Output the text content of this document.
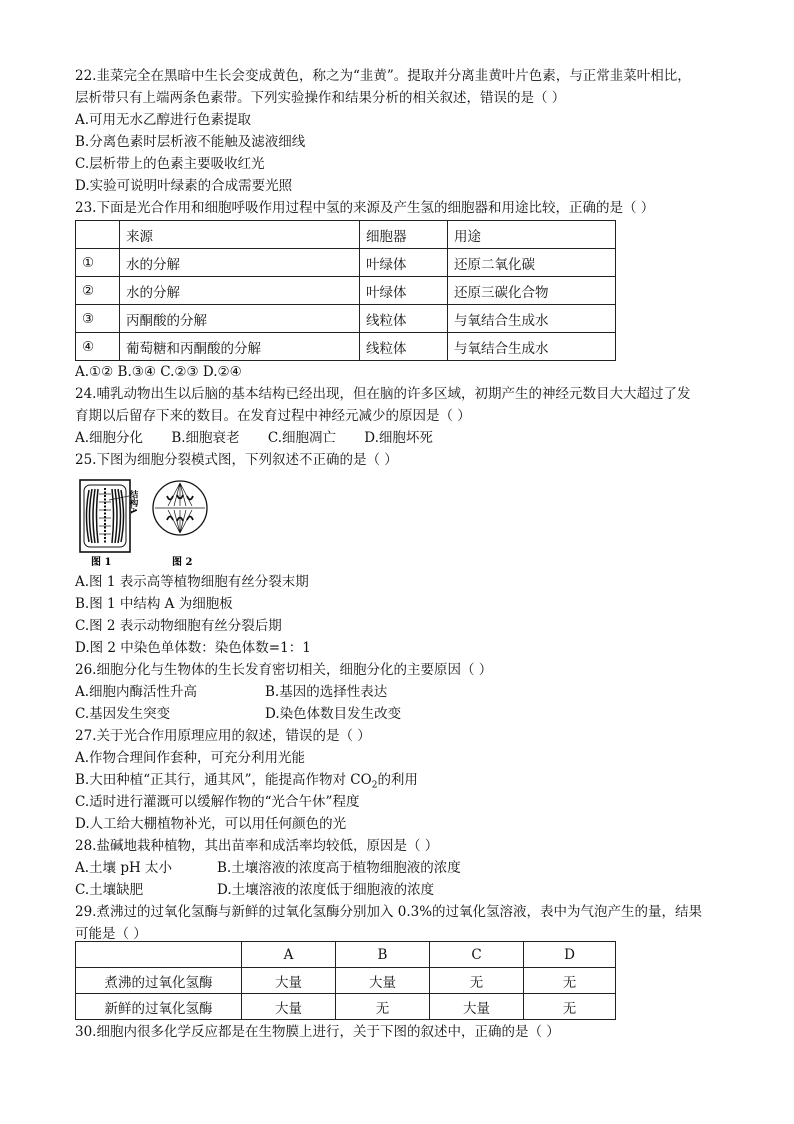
22.韭菜完全在黑暗中生长会变成黄色，称之为“韭黄”。提取并分离韭黄叶片色素，与正常韭菜叶相比，
层析带只有上端两条色素带。下列实验操作和结果分析的相关叙述，错误的是（ ）
A.可用无水乙醇进行色素提取
B.分离色素时层析液不能触及滤液细线
C.层析带上的色素主要吸收红光
D.实验可说明叶绿素的合成需要光照
23.下面是光合作用和细胞呼吸作用过程中氢的来源及产生氢的细胞器和用途比较，正确的是（ ）
	来源	细胞器	用途
①	水的分解	叶绿体	还原二氧化碳
②	水的分解	叶绿体	还原三碳化合物
③	丙酮酸的分解	线粒体	与氧结合生成水
④	葡萄糖和丙酮酸的分解	线粒体	与氧结合生成水
A.①② B.③④ C.②③ D.②④
24.哺乳动物出生以后脑的基本结构已经出现，但在脑的许多区域，初期产生的神经元数目大大超过了发
育期以后留存下来的数目。在发育过程中神经元减少的原因是（ ）
A.细胞分化 B.细胞衰老 C.细胞凋亡 D.细胞坏死
25.下图为细胞分裂模式图，下列叙述不正确的是（ ）
结构A
图 1	图 2
A.图 1 表示高等植物细胞有丝分裂末期
B.图 1 中结构 A 为细胞板
C.图 2 表示动物细胞有丝分裂后期
D.图 2 中染色单体数：染色体数=1：1
26.细胞分化与生物体的生长发育密切相关，细胞分化的主要原因（ ）
A.细胞内酶活性升高	B.基因的选择性表达
C.基因发生突变	D.染色体数目发生改变
27.关于光合作用原理应用的叙述，错误的是（ ）
A.作物合理间作套种，可充分利用光能
B.大田种植“正其行，通其风”，能提高作物对 $CO_2$的利用
C.适时进行灌溉可以缓解作物的“光合午休”程度
D.人工给大棚植物补光，可以用任何颜色的光
28.盐碱地栽种植物，其出苗率和成活率均较低，原因是（ ）
A.土壤 pH 太小	B.土壤溶液的浓度高于植物细胞液的浓度
C.土壤缺肥	D.土壤溶液的浓度低于细胞液的浓度
29.煮沸过的过氧化氢酶与新鲜的过氧化氢酶分别加入 0.3%的过氧化氢溶液，表中为气泡产生的量，结果
可能是（ ）
	A	B	C	D
煮沸的过氧化氢酶	大量	大量	无	无
新鲜的过氧化氢酶	大量	无	大量	无
30.细胞内很多化学反应都是在生物膜上进行，关于下图的叙述中，正确的是（ ）
